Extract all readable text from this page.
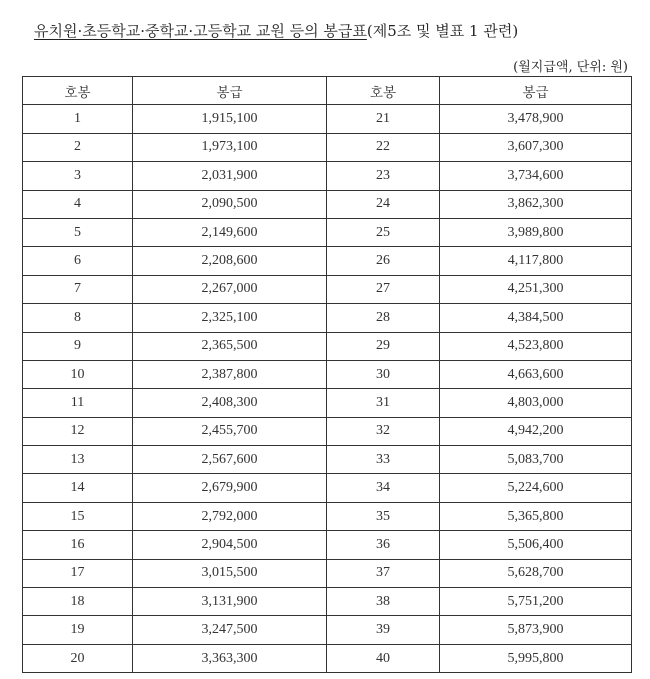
유치원·초등학교·중학교·고등학교 교원 등의 봉급표(제5조 및 별표 1 관련)
(월지급액, 단위: 원)
호봉	봉급	호봉	봉급
1	1,915,100	21	3,478,900
2	1,973,100	22	3,607,300
3	2,031,900	23	3,734,600
4	2,090,500	24	3,862,300
5	2,149,600	25	3,989,800
6	2,208,600	26	4,117,800
7	2,267,000	27	4,251,300
8	2,325,100	28	4,384,500
9	2,365,500	29	4,523,800
10	2,387,800	30	4,663,600
11	2,408,300	31	4,803,000
12	2,455,700	32	4,942,200
13	2,567,600	33	5,083,700
14	2,679,900	34	5,224,600
15	2,792,000	35	5,365,800
16	2,904,500	36	5,506,400
17	3,015,500	37	5,628,700
18	3,131,900	38	5,751,200
19	3,247,500	39	5,873,900
20	3,363,300	40	5,995,800
